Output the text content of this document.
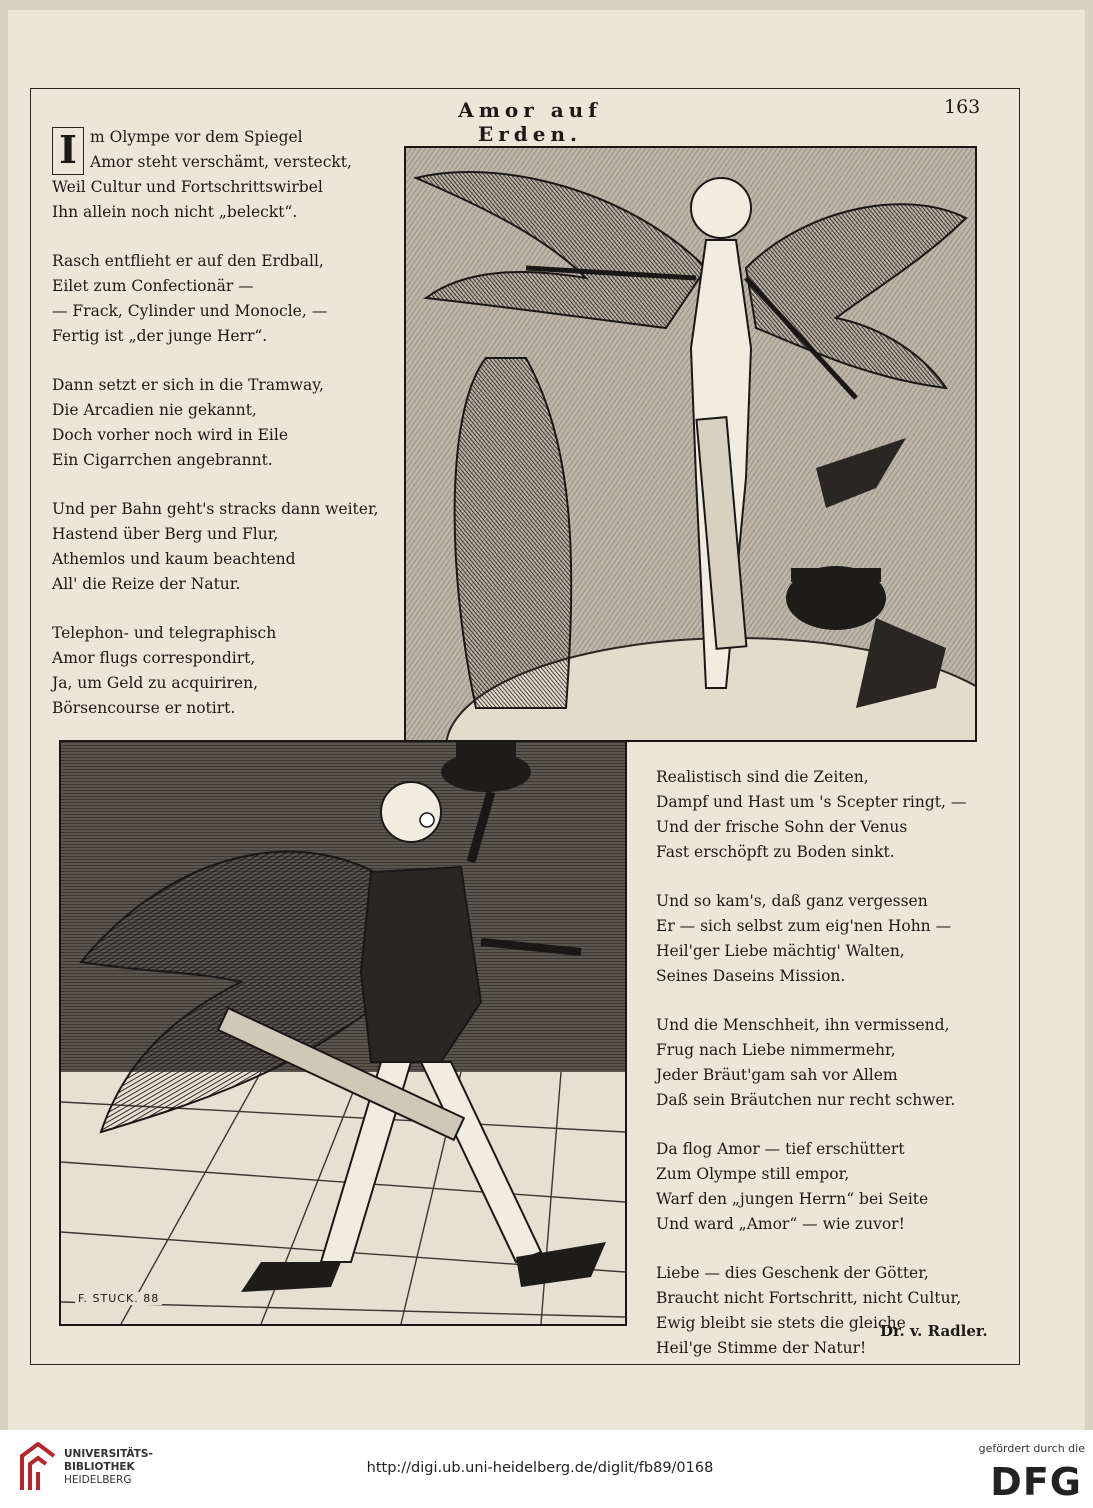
Amor auf Erden.
163
I m Olympe vor dem Spiegel
Amor steht verschämt, versteckt,
Weil Cultur und Fortschrittswirbel
Ihn allein noch nicht „beleckt“.
Rasch entflieht er auf den Erdball,
Eilet zum Confectionär —
— Frack, Cylinder und Monocle, —
Fertig ist „der junge Herr“.
Dann setzt er sich in die Tramway,
Die Arcadien nie gekannt,
Doch vorher noch wird in Eile
Ein Cigarrchen angebrannt.
Und per Bahn geht's stracks dann weiter,
Hastend über Berg und Flur,
Athemlos und kaum beachtend
All' die Reize der Natur.
Telephon- und telegraphisch
Amor flugs correspondirt,
Ja, um Geld zu acquiriren,
Börsencourse er notirt.
F. STUCK. 88
Realistisch sind die Zeiten,
Dampf und Hast um 's Scepter ringt, —
Und der frische Sohn der Venus
Fast erschöpft zu Boden sinkt.
Und so kam's, daß ganz vergessen
Er — sich selbst zum eig'nen Hohn —
Heil'ger Liebe mächtig' Walten,
Seines Daseins Mission.
Und die Menschheit, ihn vermissend,
Frug nach Liebe nimmermehr,
Jeder Bräut'gam sah vor Allem
Daß sein Bräutchen nur recht schwer.
Da flog Amor — tief erschüttert
Zum Olympe still empor,
Warf den „jungen Herrn“ bei Seite
Und ward „Amor“ — wie zuvor!
Liebe — dies Geschenk der Götter,
Braucht nicht Fortschritt, nicht Cultur,
Ewig bleibt sie stets die gleiche
Heil'ge Stimme der Natur!
Dr. v. Radler.
UNIVERSITÄTS-
BIBLIOTHEK
HEIDELBERG
http://digi.ub.uni-heidelberg.de/diglit/fb89/0168
gefördert durch die
DFG
